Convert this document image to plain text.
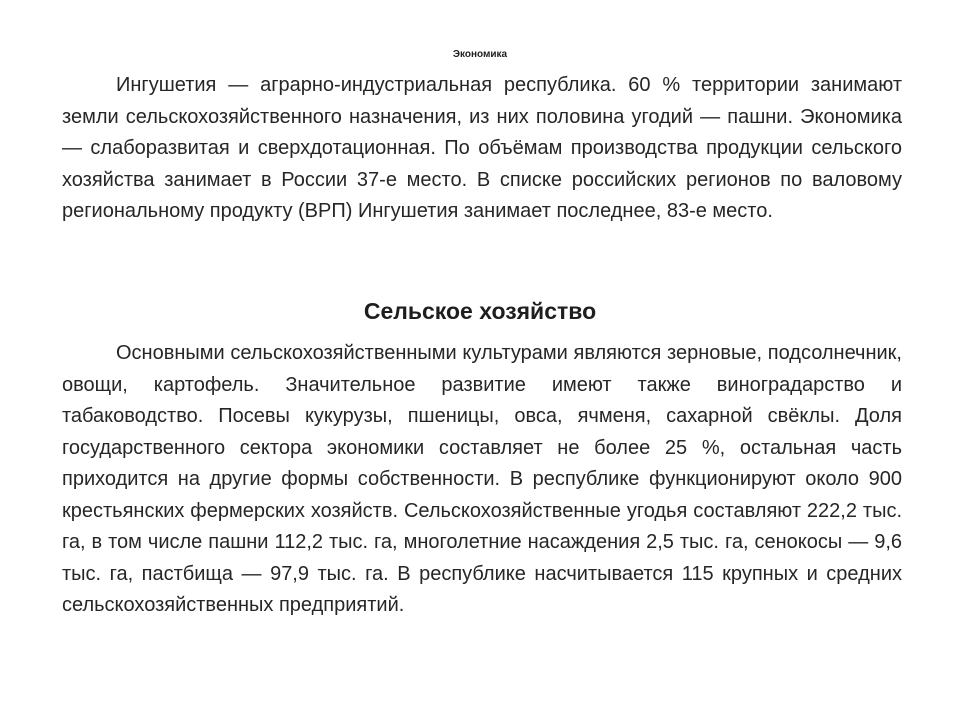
Экономика

Ингушетия — аграрно-индустриальная республика. 60 % территории занимают земли сельскохозяйственного назначения, из них половина угодий — пашни. Экономика — слаборазвитая и сверхдотационная. По объёмам производства продукции сельского хозяйства занимает в России 37-е место. В списке российских регионов по валовому региональному продукту (ВРП) Ингушетия занимает последнее, 83-е место.

Сельское хозяйство

Основными сельскохозяйственными культурами являются зерновые, подсолнечник, овощи, картофель. Значительное развитие имеют также виноградарство и табаководство. Посевы кукурузы, пшеницы, овса, ячменя, сахарной свёклы. Доля государственного сектора экономики составляет не более 25 %, остальная часть приходится на другие формы собственности. В республике функционируют около 900 крестьянских фермерских хозяйств. Сельскохозяйственные угодья составляют 222,2 тыс. га, в том числе пашни 112,2 тыс. га, многолетние насаждения 2,5 тыс. га, сенокосы — 9,6 тыс. га, пастбища — 97,9 тыс. га. В республике насчитывается 115 крупных и средних сельскохозяйственных предприятий.
